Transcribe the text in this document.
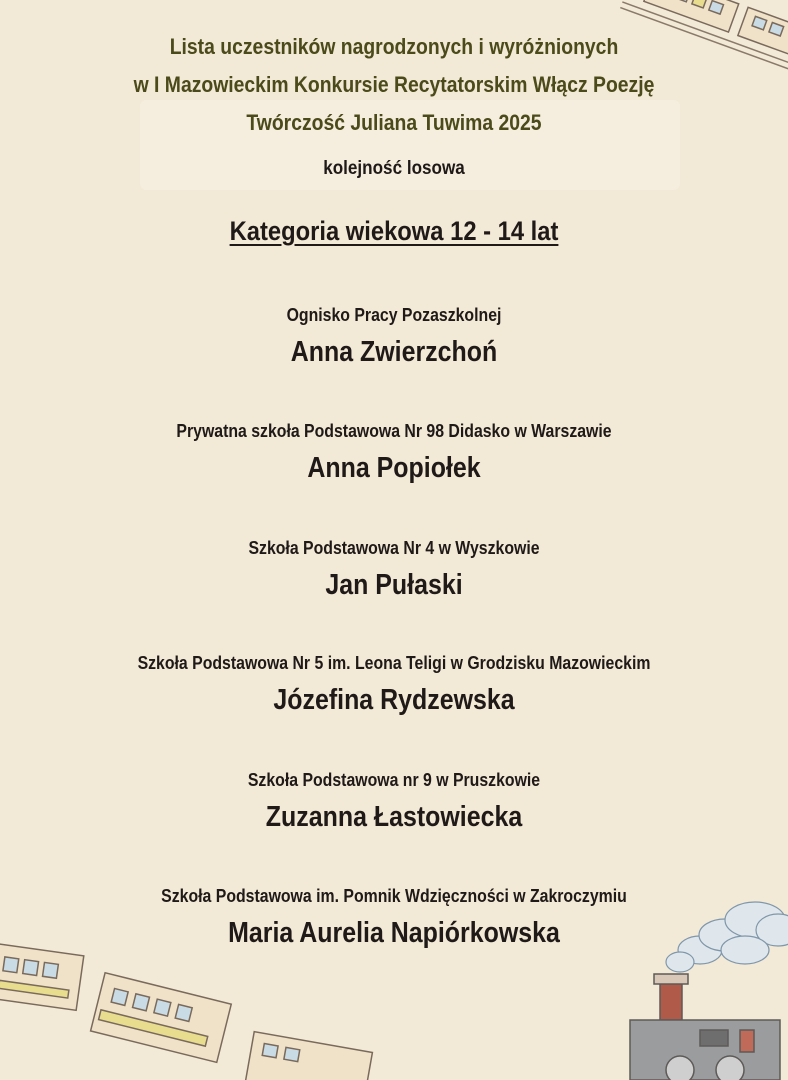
Lista uczestników nagrodzonych i wyróżnionych
w I Mazowieckim Konkursie Recytatorskim Włącz Poezję
Twórczość Juliana Tuwima 2025
kolejność losowa
Kategoria wiekowa 12 - 14 lat
Ognisko Pracy Pozaszkolnej
Anna Zwierzchoń
Prywatna szkoła Podstawowa Nr 98 Didasko w Warszawie
Anna Popiołek
Szkoła Podstawowa Nr 4 w Wyszkowie
Jan Pułaski
Szkoła Podstawowa Nr 5 im. Leona Teligi w Grodzisku Mazowieckim
Józefina Rydzewska
Szkoła Podstawowa nr 9 w Pruszkowie
Zuzanna Łastowiecka
Szkoła Podstawowa im. Pomnik Wdzięczności w Zakroczymiu
Maria Aurelia Napiórkowska
